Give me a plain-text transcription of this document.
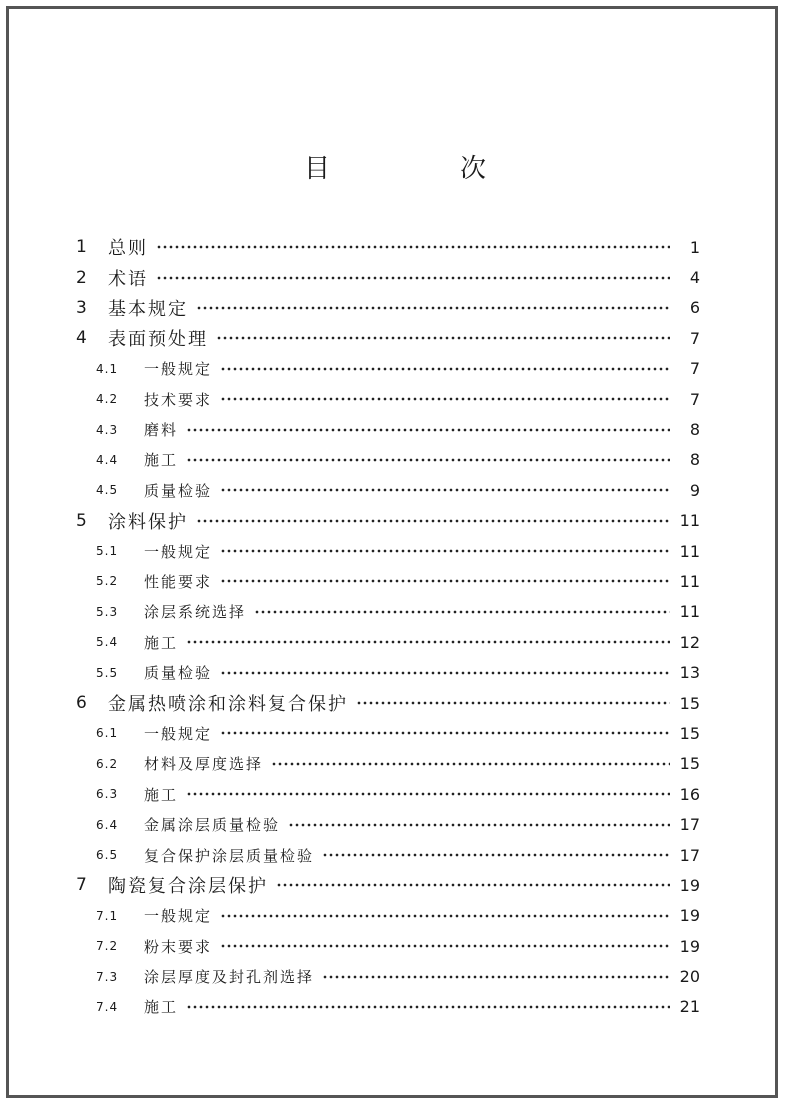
目　次
1	总则	1
2	术语	4
3	基本规定	6
4	表面预处理	7
4.1	一般规定	7
4.2	技术要求	7
4.3	磨料	8
4.4	施工	8
4.5	质量检验	9
5	涂料保护	11
5.1	一般规定	11
5.2	性能要求	11
5.3	涂层系统选择	11
5.4	施工	12
5.5	质量检验	13
6	金属热喷涂和涂料复合保护	15
6.1	一般规定	15
6.2	材料及厚度选择	15
6.3	施工	16
6.4	金属涂层质量检验	17
6.5	复合保护涂层质量检验	17
7	陶瓷复合涂层保护	19
7.1	一般规定	19
7.2	粉末要求	19
7.3	涂层厚度及封孔剂选择	20
7.4	施工	21
